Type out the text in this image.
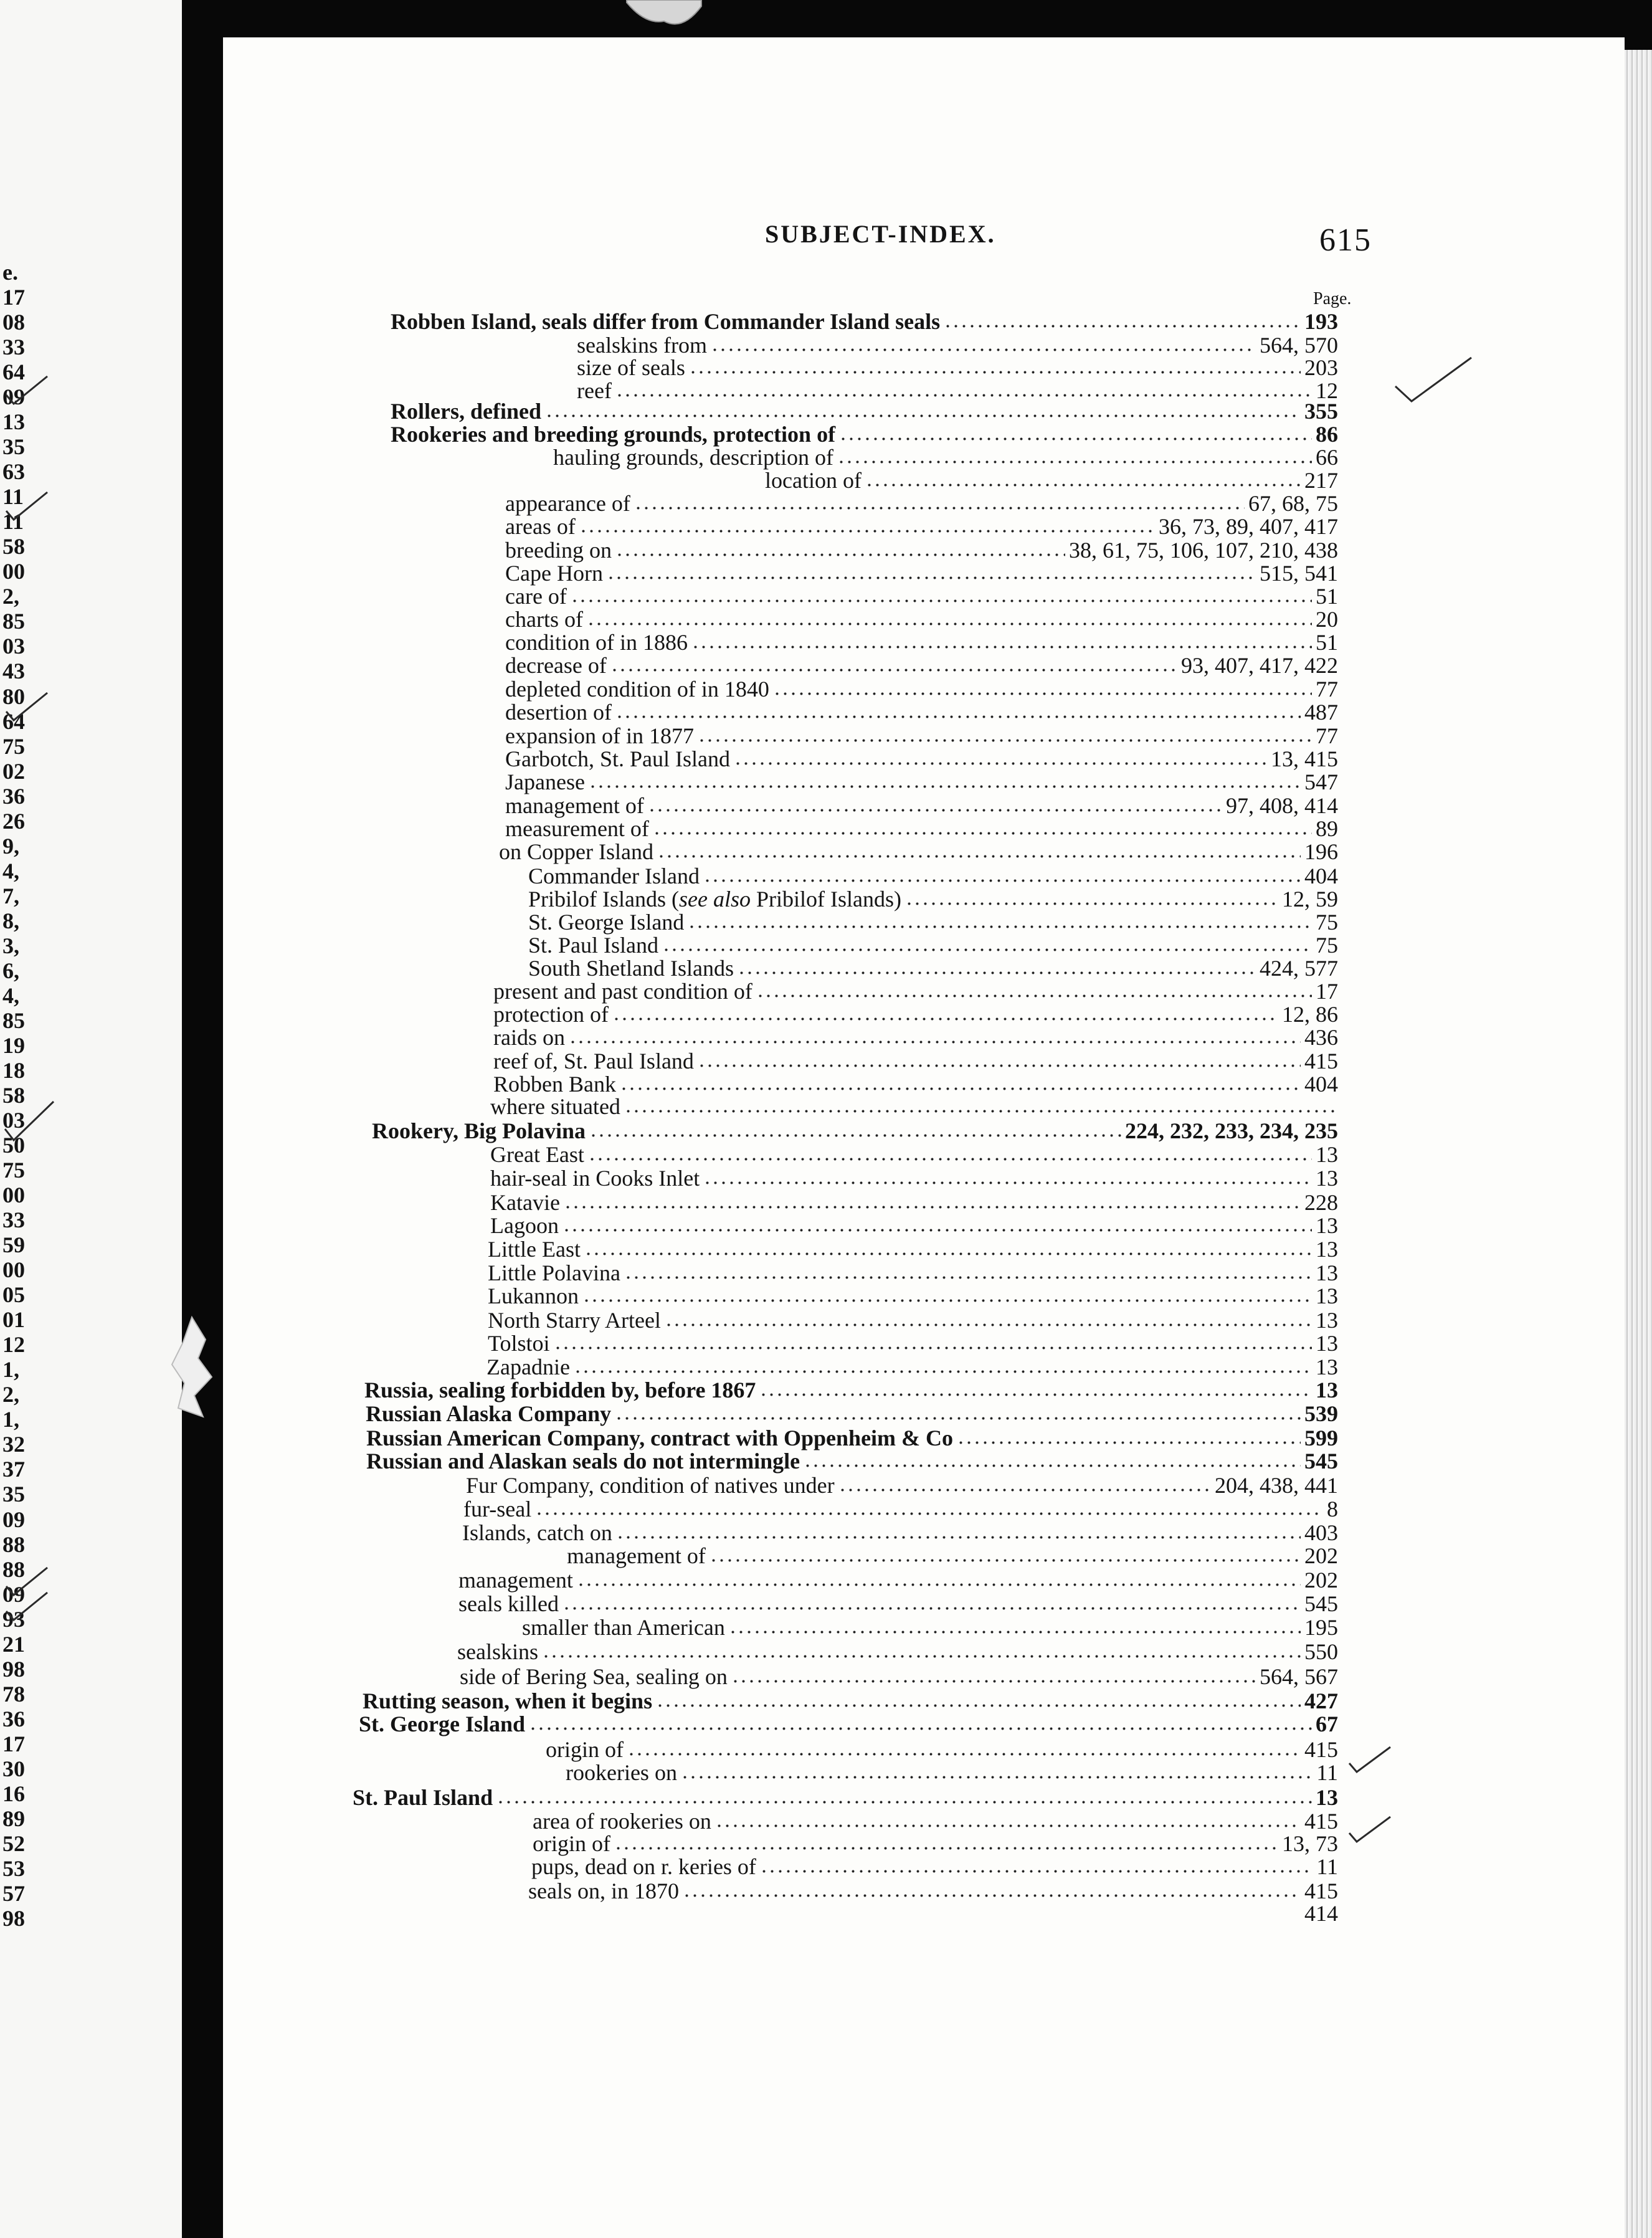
e.
17
08
33
64
09
13
35
63
11
11
58
00
2,
85
03
43
80
64
75
02
36
26
9,
4,
7,
8,
3,
6,
4,
85
19
18
58
03
50
75
00
33
59
00
05
01
12
1,
2,
1,
32
37
35
09
88
88
09
93
21
98
78
36
17
30
16
89
52
53
57
98
SUBJECT-INDEX.	615
Page.
Robben Island, seals differ from Commander Island seals	193
sealskins from	564, 570
size of seals	203
reef	12
Rollers, defined	355
Rookeries and breeding grounds, protection of	86
hauling grounds, description of	66
location of	217
appearance of	67, 68, 75
areas of	36, 73, 89, 407, 417
breeding on	38, 61, 75, 106, 107, 210, 438
Cape Horn	515, 541
care of	51
charts of	20
condition of in 1886	51
decrease of	93, 407, 417, 422
depleted condition of in 1840	77
desertion of	487
expansion of in 1877	77
Garbotch, St. Paul Island	13, 415
Japanese	547
management of	97, 408, 414
measurement of	89
on Copper Island	196
Commander Island	404
Pribilof Islands (see also Pribilof Islands)	12, 59
St. George Island	75
St. Paul Island	75
South Shetland Islands	424, 577
present and past condition of	17
protection of	12, 86
raids on	436
reef of, St. Paul Island	415
Robben Bank	404
where situated
Rookery, Big Polavina	224, 232, 233, 234, 235
Great East	13
hair-seal in Cooks Inlet	13
Katavie	228
Lagoon	13
Little East	13
Little Polavina	13
Lukannon	13
North Starry Arteel	13
Tolstoi	13
Zapadnie	13
Russia, sealing forbidden by, before 1867	13
Russian Alaska Company	539
Russian American Company, contract with Oppenheim & Co	599
Russian and Alaskan seals do not intermingle	545
Fur Company, condition of natives under	204, 438, 441
fur-seal	8
Islands, catch on	403
management of	202
management	202
seals killed	545
smaller than American	195
sealskins	550
side of Bering Sea, sealing on	564, 567
Rutting season, when it begins	427
St. George Island	67
origin of	415
rookeries on	11
St. Paul Island	13
area of rookeries on	415
origin of	13, 73
pups, dead on r. keries of	11
seals on, in 1870	415
414
